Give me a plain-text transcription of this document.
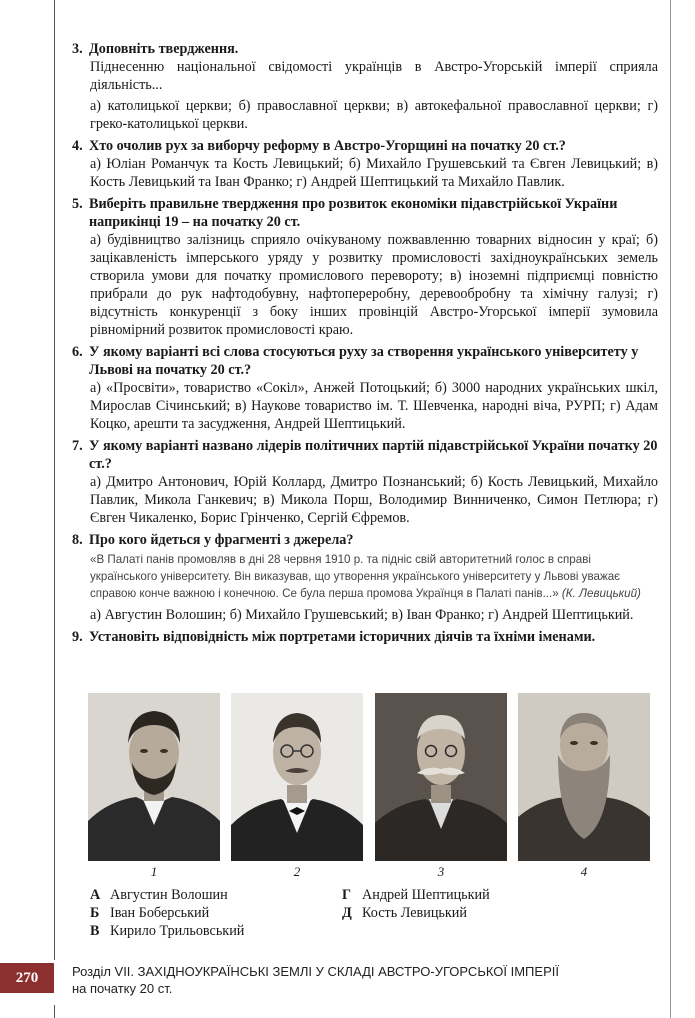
3. Доповніть твердження.

Піднесенню національної свідомості українців в Австро-Угорській імперії сприяла діяльність...

а) католицької церкви; б) православної церкви; в) автокефальної православної церкви; г) греко-католицької церкви.

4. Хто очолив рух за виборчу реформу в Австро-Угорщині на початку 20 ст.?

а) Юліан Романчук та Кость Левицький; б) Михайло Грушевський та Євген Левицький; в) Кость Левицький та Іван Франко; г) Андрей Шептицький та Михайло Павлик.

5. Виберіть правильне твердження про розвиток економіки підавстрійської України наприкінці 19 – на початку 20 ст.

а) будівництво залізниць сприяло очікуваному пожвавленню товарних відносин у краї; б) зацікавленість імперського уряду у розвитку промисловості західноукраїнських земель створила умови для початку промислового перевороту; в) іноземні підприємці повністю прибрали до рук нафтодобувну, нафтопереробну, деревообробну та хімічну галузі; г) відсутність конкуренції з боку інших провінцій Австро-Угорської імперії зумовила рівномірний розвиток промисловості краю.

6. У якому варіанті всі слова стосуються руху за створення українського університету у Львові на початку 20 ст.?

а) «Просвіти», товариство «Сокіл», Анжей Потоцький; б) 3000 народних українських шкіл, Мирослав Січинський; в) Наукове товариство ім. Т. Шевченка, народні віча, РУРП; г) Адам Коцко, арешти та засудження, Андрей Шептицький.

7. У якому варіанті названо лідерів політичних партій підавстрійської України початку 20 ст.?

а) Дмитро Антонович, Юрій Коллард, Дмитро Познанський; б) Кость Левицький, Михайло Павлик, Микола Ганкевич; в) Микола Порш, Володимир Винниченко, Симон Петлюра; г) Євген Чикаленко, Борис Грінченко, Сергій Єфремов.

8. Про кого йдеться у фрагменті з джерела?
«В Палаті панів промовляв в дні 28 червня 1910 р. та підніс свій авторитетний голос в справі українського університету. Він виказував, що утворення українського університету у Львові уважає справою конче важною і конечною. Се була перша промова Українця в Палаті панів...» (К. Левицький)

а) Августин Волошин; б) Михайло Грушевський; в) Іван Франко; г) Андрей Шептицький.

9. Установіть відповідність між портретами історичних діячів та їхніми іменами.
1	2	3	4
А Августин Волошин
Б Іван Боберський
В Кирило Трильовський
Г Андрей Шептицький
Д Кость Левицький
270	Розділ VII. ЗАХІДНОУКРАЇНСЬКІ ЗЕМЛІ У СКЛАДІ АВСТРО-УГОРСЬКОЇ ІМПЕРІЇ
на початку 20 ст.
